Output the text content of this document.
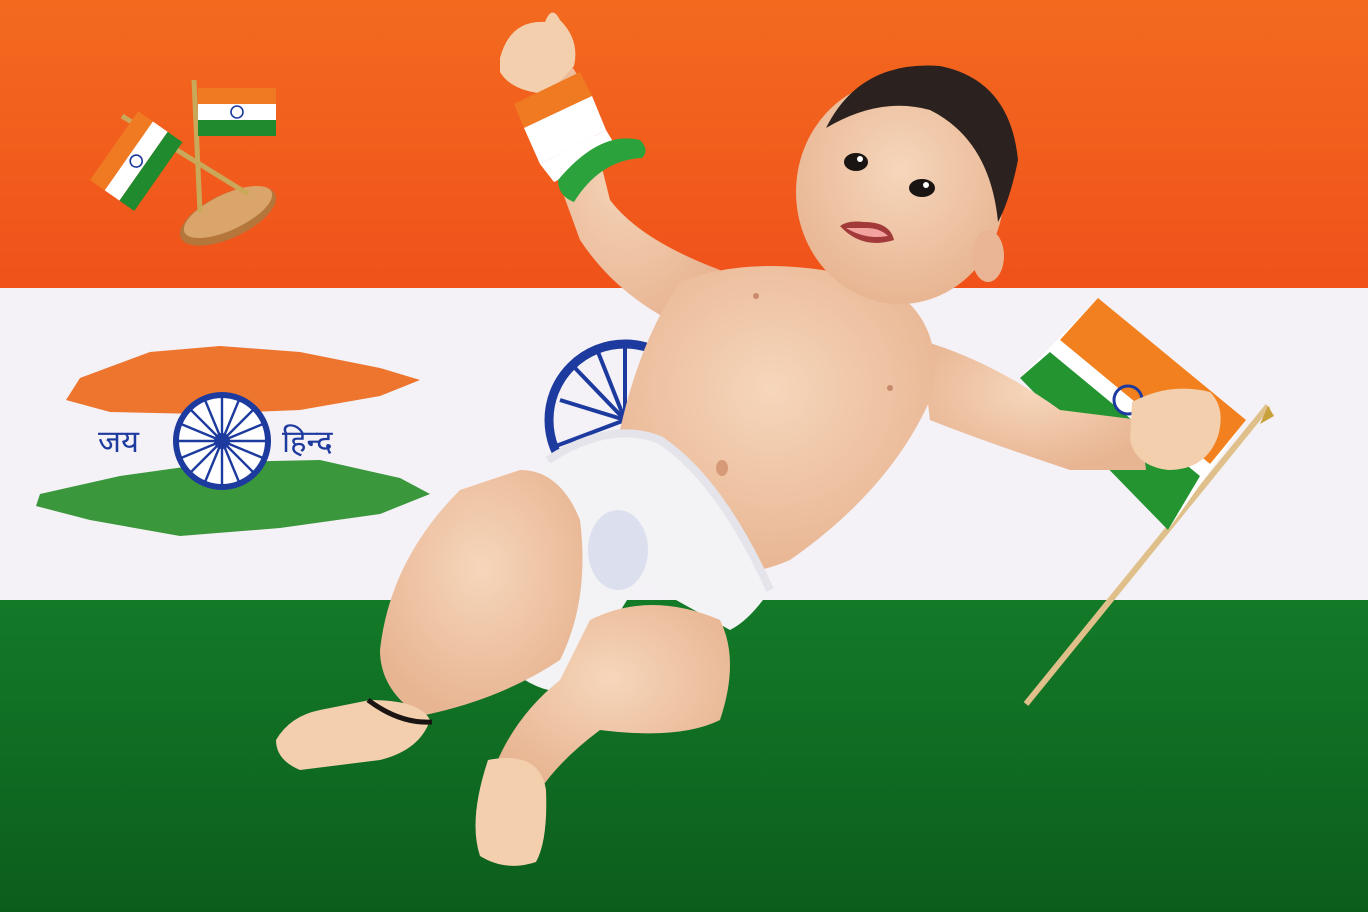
जय	हिन्द
